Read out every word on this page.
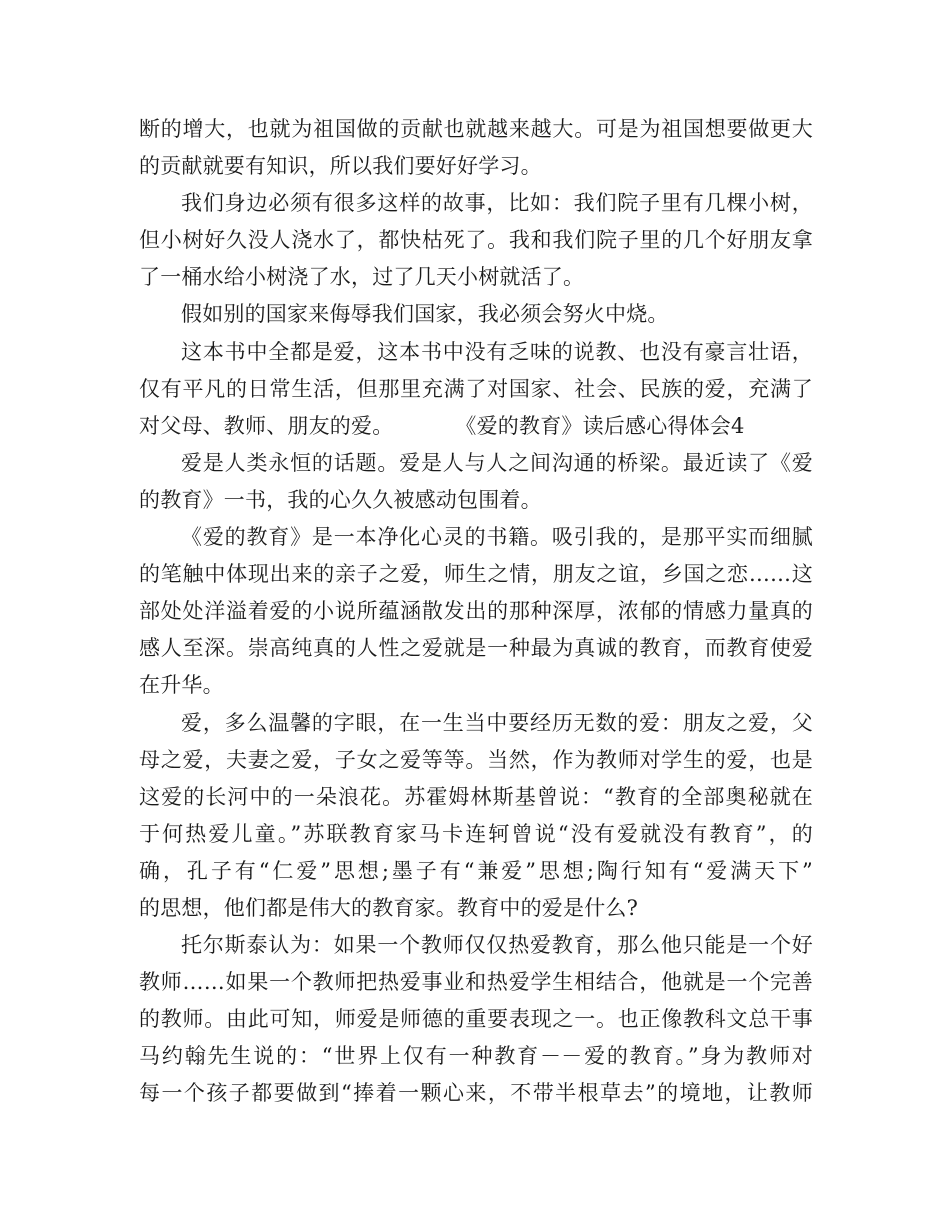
断的增大，也就为祖国做的贡献也就越来越大。可是为祖国想要做更大
的贡献就要有知识，所以我们要好好学习。
我们身边必须有很多这样的故事，比如：我们院子里有几棵小树，
但小树好久没人浇水了，都快枯死了。我和我们院子里的几个好朋友拿
了一桶水给小树浇了水，过了几天小树就活了。
假如别的国家来侮辱我们国家，我必须会努火中烧。
这本书中全都是爱，这本书中没有乏味的说教、也没有豪言壮语，
仅有平凡的日常生活，但那里充满了对国家、社会、民族的爱，充满了
对父母、教师、朋友的爱。	《爱的教育》读后感心得体会4
爱是人类永恒的话题。爱是人与人之间沟通的桥梁。最近读了《爱
的教育》一书，我的心久久被感动包围着。
《爱的教育》是一本净化心灵的书籍。吸引我的，是那平实而细腻
的笔触中体现出来的亲子之爱，师生之情，朋友之谊，乡国之恋……这
部处处洋溢着爱的小说所蕴涵散发出的那种深厚，浓郁的情感力量真的
感人至深。崇高纯真的人性之爱就是一种最为真诚的教育，而教育使爱
在升华。
爱，多么温馨的字眼，在一生当中要经历无数的爱：朋友之爱，父
母之爱，夫妻之爱，子女之爱等等。当然，作为教师对学生的爱，也是
这爱的长河中的一朵浪花。苏霍姆林斯基曾说：“教育的全部奥秘就在
于何热爱儿童。”苏联教育家马卡连轲曾说“没有爱就没有教育”，的
确，孔子有“仁爱”思想;墨子有“兼爱”思想;陶行知有“爱满天下”
的思想，他们都是伟大的教育家。教育中的爱是什么?
托尔斯泰认为：如果一个教师仅仅热爱教育，那么他只能是一个好
教师……如果一个教师把热爱事业和热爱学生相结合，他就是一个完善
的教师。由此可知，师爱是师德的重要表现之一。也正像教科文总干事
马约翰先生说的：“世界上仅有一种教育－－爱的教育。”身为教师对
每一个孩子都要做到“捧着一颗心来，不带半根草去”的境地，让教师
